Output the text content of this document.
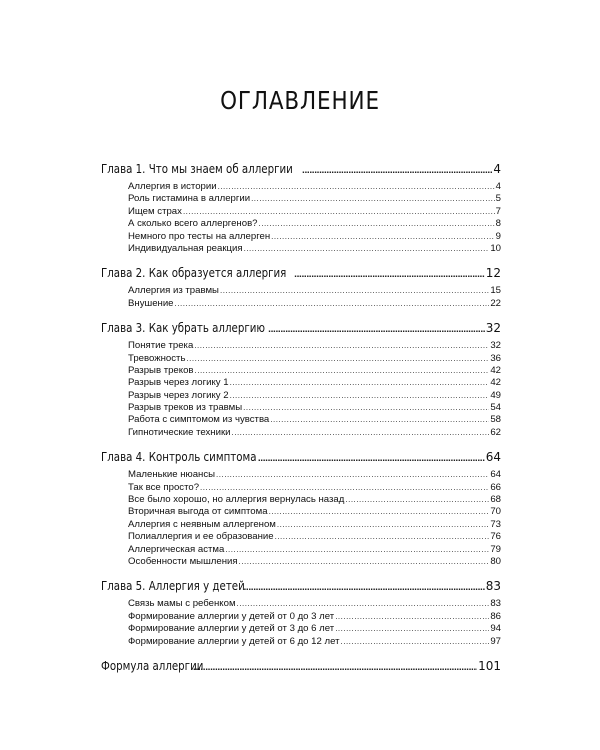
ОГЛАВЛЕНИЕ
Глава 1. Что мы знаем об аллергии .....	4
Аллергия в истории .....	4
Роль гистамина в аллергии .....	5
Ищем страх .....	7
А сколько всего аллергенов? .....	8
Немного про тесты на аллерген .....	9
Индивидуальная реакция .....	10
Глава 2. Как образуется аллергия .....	12
Аллергия из травмы .....	15
Внушение .....	22
Глава 3. Как убрать аллергию .....	32
Понятие трека .....	32
Тревожность .....	36
Разрыв треков .....	42
Разрыв через логику 1 .....	42
Разрыв через логику 2 .....	49
Разрыв треков из травмы .....	54
Работа с симптомом из чувства .....	58
Гипнотические техники .....	62
Глава 4. Контроль симптома .....	64
Маленькие нюансы .....	64
Так все просто? .....	66
Все было хорошо, но аллергия вернулась назад .....	68
Вторичная выгода от симптома .....	70
Аллергия с неявным аллергеном .....	73
Полиаллергия и ее образование .....	76
Аллергическая астма .....	79
Особенности мышления .....	80
Глава 5. Аллергия у детей .....	83
Связь мамы с ребенком .....	83
Формирование аллергии у детей от 0 до 3 лет .....	86
Формирование аллергии у детей от 3 до 6 лет .....	94
Формирование аллергии у детей от 6 до 12 лет .....	97
Формула аллергии .....	101
